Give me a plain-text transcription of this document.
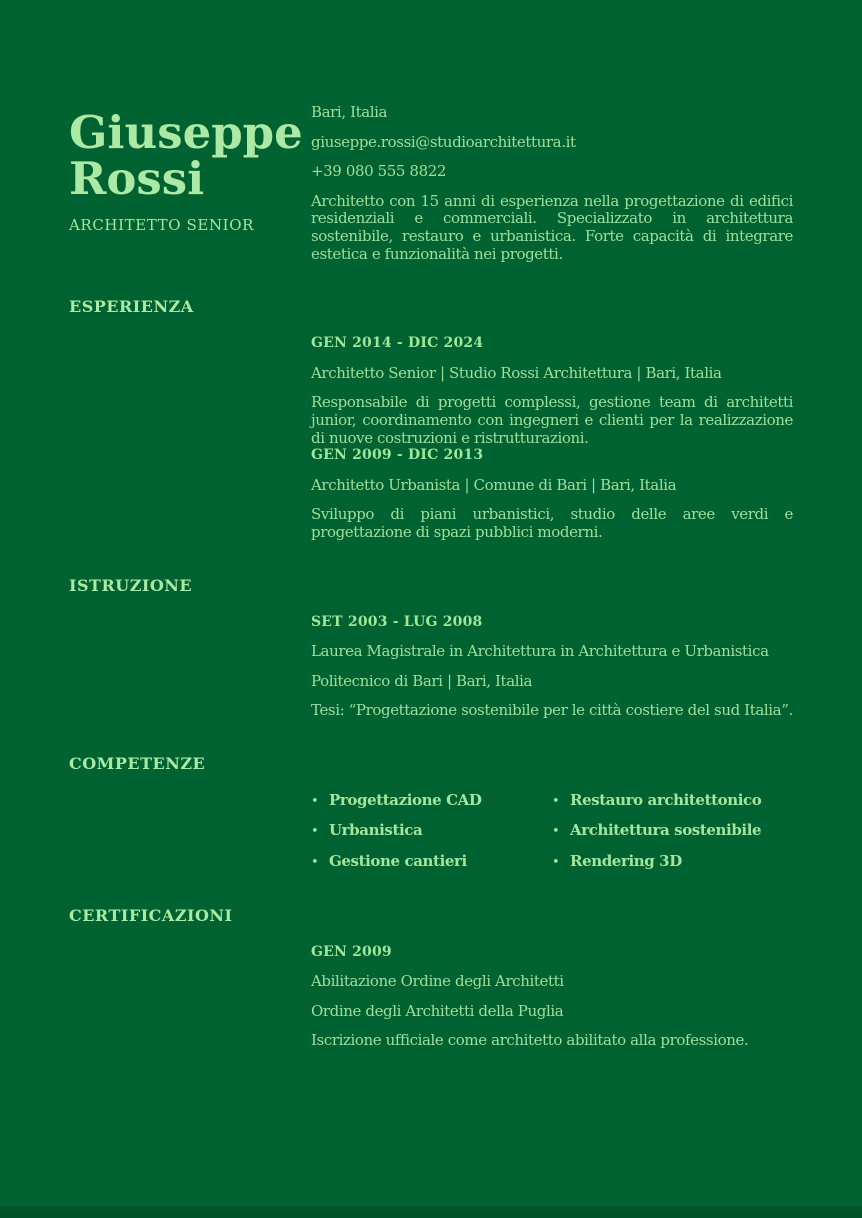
Giuseppe Rossi
ARCHITETTO SENIOR
Bari, Italia
giuseppe.rossi@studioarchitettura.it
+39 080 555 8822

Architetto con 15 anni di esperienza nella progettazione di edifici residenziali e commerciali. Specializzato in architettura sostenibile, restauro e urbanistica. Forte capacità di integrare estetica e funzionalità nei progetti.

ESPERIENZA
GEN 2014 - DIC 2024
Architetto Senior | Studio Rossi Architettura | Bari, Italia

Responsabile di progetti complessi, gestione team di architetti junior, coordinamento con ingegneri e clienti per la realizzazione di nuove costruzioni e ristrutturazioni.

GEN 2009 - DIC 2013
Architetto Urbanista | Comune di Bari | Bari, Italia

Sviluppo di piani urbanistici, studio delle aree verdi e progettazione di spazi pubblici moderni.

ISTRUZIONE
SET 2003 - LUG 2008
Laurea Magistrale in Architettura in Architettura e Urbanistica
Politecnico di Bari | Bari, Italia
Tesi: “Progettazione sostenibile per le città costiere del sud Italia”.
COMPETENZE
• Progettazione CAD
• Urbanistica
• Gestione cantieri
• Restauro architettonico
• Architettura sostenibile
• Rendering 3D
CERTIFICAZIONI
GEN 2009
Abilitazione Ordine degli Architetti
Ordine degli Architetti della Puglia
Iscrizione ufficiale come architetto abilitato alla professione.
